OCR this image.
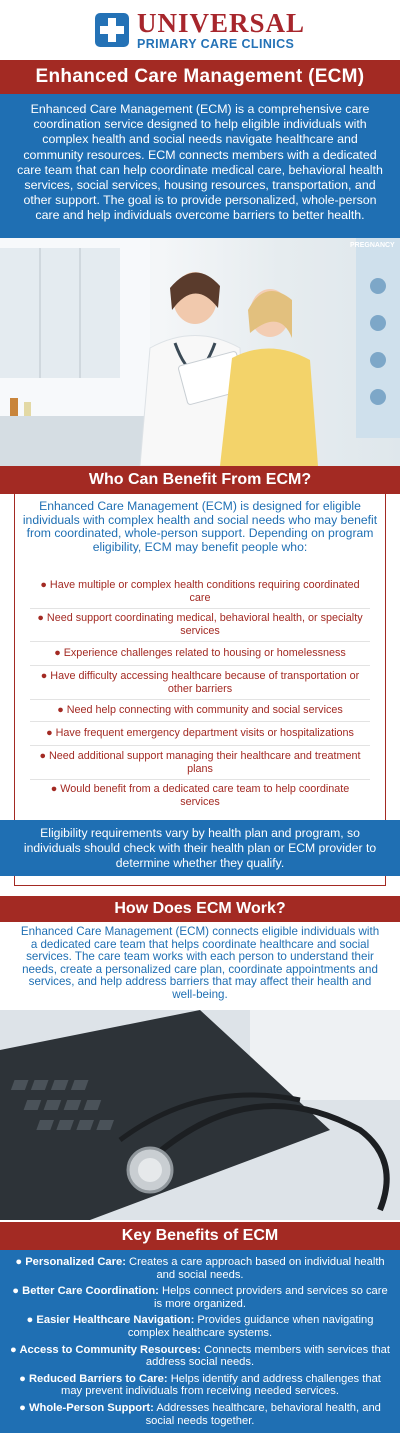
UNIVERSAL
PRIMARY CARE CLINICS
Enhanced Care Management (ECM)
Enhanced Care Management (ECM) is a comprehensive care coordination service designed to help eligible individuals with complex health and social needs navigate healthcare and community resources. ECM connects members with a dedicated care team that can help coordinate medical care, behavioral health services, social services, housing resources, transportation, and other support. The goal is to provide personalized, whole-person care and help individuals overcome barriers to better health.
PREGNANCY
Who Can Benefit From ECM?
Enhanced Care Management (ECM) is designed for eligible individuals with complex health and social needs who may benefit from coordinated, whole-person support. Depending on program eligibility, ECM may benefit people who:
● Have multiple or complex health conditions requiring coordinated care
● Need support coordinating medical, behavioral health, or specialty services
● Experience challenges related to housing or homelessness
● Have difficulty accessing healthcare because of transportation or other barriers
● Need help connecting with community and social services
● Have frequent emergency department visits or hospitalizations
● Need additional support managing their healthcare and treatment plans
● Would benefit from a dedicated care team to help coordinate services
Eligibility requirements vary by health plan and program, so individuals should check with their health plan or ECM provider to determine whether they qualify.
How Does ECM Work?
Enhanced Care Management (ECM) connects eligible individuals with a dedicated care team that helps coordinate healthcare and social services. The care team works with each person to understand their needs, create a personalized care plan, coordinate appointments and services, and help address barriers that may affect their health and well-being.
Key Benefits of ECM
● Personalized Care: Creates a care approach based on individual health and social needs.
● Better Care Coordination: Helps connect providers and services so care is more organized.
● Easier Healthcare Navigation: Provides guidance when navigating complex healthcare systems.
● Access to Community Resources: Connects members with services that address social needs.
● Reduced Barriers to Care: Helps identify and address challenges that may prevent individuals from receiving needed services.
● Whole-Person Support: Addresses healthcare, behavioral health, and social needs together.
